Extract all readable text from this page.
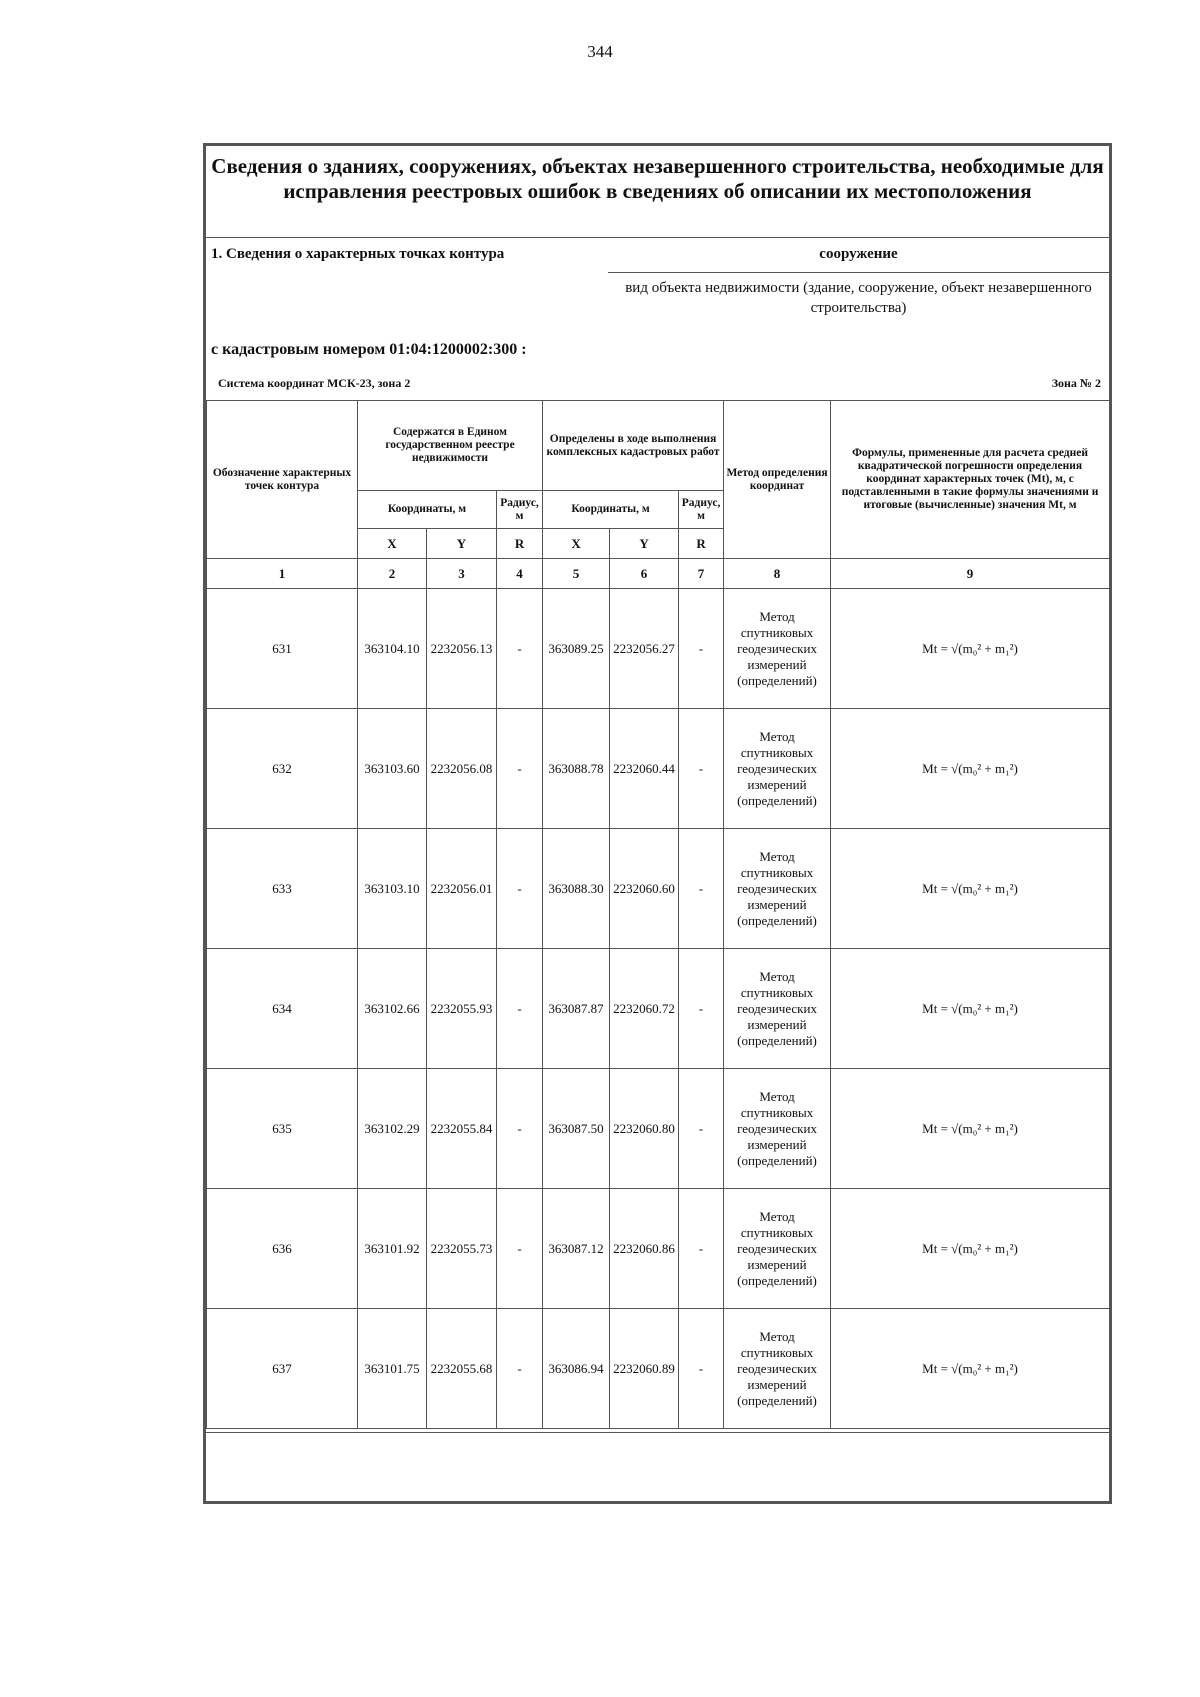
344
Сведения о зданиях, сооружениях, объектах незавершенного строительства, необходимые для исправления реестровых ошибок в сведениях об описании их местоположения
1. Сведения о характерных точках контура	сооружение
вид объекта недвижимости (здание, сооружение, объект незавершенного строительства)
с кадастровым номером 01:04:1200002:300 :
Система координат МСК-23, зона 2	Зона № 2
Обозначение характерных точек контура	Содержатся в Едином государственном реестре недвижимости			Определены в ходе выполнения комплексных кадастровых работ			Метод определения координат	Формулы, примененные для расчета средней квадратической погрешности определения координат характерных точек (Mt), м, с подставленными в такие формулы значениями и итоговые (вычисленные) значения Mt, м
	Координаты, м		Радиус, м	Координаты, м		Радиус, м		
	X	Y	R	X	Y	R		
1	2	3	4	5	6	7	8	9
631	363104.10	2232056.13	-	363089.25	2232056.27	-	Метод спутниковых геодезических измерений (определений)	Mt = √(m₀² + m₁²)
632	363103.60	2232056.08	-	363088.78	2232060.44	-	Метод спутниковых геодезических измерений (определений)	Mt = √(m₀² + m₁²)
633	363103.10	2232056.01	-	363088.30	2232060.60	-	Метод спутниковых геодезических измерений (определений)	Mt = √(m₀² + m₁²)
634	363102.66	2232055.93	-	363087.87	2232060.72	-	Метод спутниковых геодезических измерений (определений)	Mt = √(m₀² + m₁²)
635	363102.29	2232055.84	-	363087.50	2232060.80	-	Метод спутниковых геодезических измерений (определений)	Mt = √(m₀² + m₁²)
636	363101.92	2232055.73	-	363087.12	2232060.86	-	Метод спутниковых геодезических измерений (определений)	Mt = √(m₀² + m₁²)
637	363101.75	2232055.68	-	363086.94	2232060.89	-	Метод спутниковых геодезических измерений (определений)	Mt = √(m₀² + m₁²)
